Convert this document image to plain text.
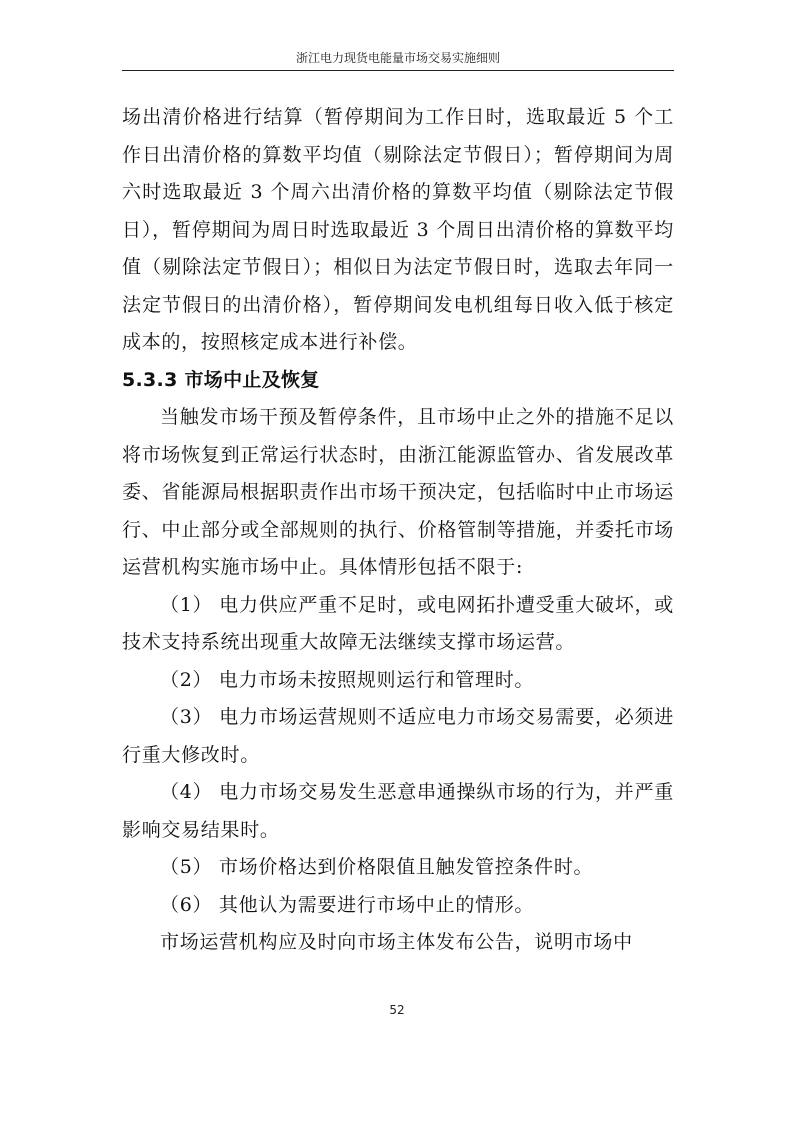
浙江电力现货电能量市场交易实施细则

场出清价格进行结算（暂停期间为工作日时，选取最近 5 个工作日出清价格的算数平均值（剔除法定节假日）；暂停期间为周六时选取最近 3 个周六出清价格的算数平均值（剔除法定节假日），暂停期间为周日时选取最近 3 个周日出清价格的算数平均值（剔除法定节假日）；相似日为法定节假日时，选取去年同一法定节假日的出清价格），暂停期间发电机组每日收入低于核定成本的，按照核定成本进行补偿。

5.3.3 市场中止及恢复

当触发市场干预及暂停条件，且市场中止之外的措施不足以将市场恢复到正常运行状态时，由浙江能源监管办、省发展改革委、省能源局根据职责作出市场干预决定，包括临时中止市场运行、中止部分或全部规则的执行、价格管制等措施，并委托市场运营机构实施市场中止。具体情形包括不限于:

（1） 电力供应严重不足时，或电网拓扑遭受重大破坏，或技术支持系统出现重大故障无法继续支撑市场运营。

（2） 电力市场未按照规则运行和管理时。

（3） 电力市场运营规则不适应电力市场交易需要，必须进行重大修改时。

（4） 电力市场交易发生恶意串通操纵市场的行为，并严重影响交易结果时。

（5） 市场价格达到价格限值且触发管控条件时。

（6） 其他认为需要进行市场中止的情形。

市场运营机构应及时向市场主体发布公告，说明市场中

52
